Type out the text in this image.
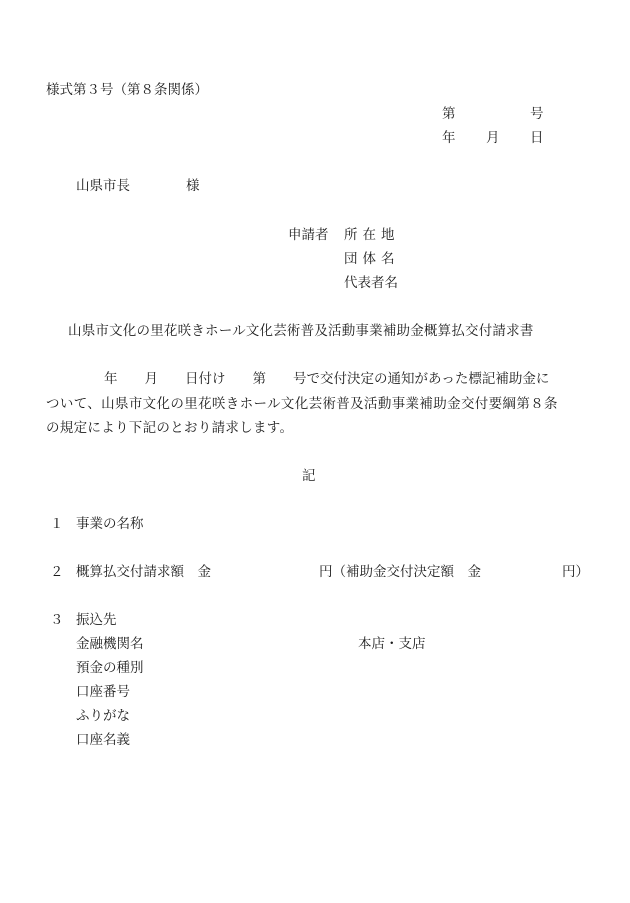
様式第３号（第８条関係）

第	号

年 月 日

山県市長	様

申請者 所在地

団体名

代表者名

山県市文化の里花咲きホール文化芸術普及活動事業補助金概算払交付請求書

年　　月　　日付け　　第　　号で交付決定の通知があった標記補助金に

ついて、山県市文化の里花咲きホール文化芸術普及活動事業補助金交付要綱第８条

の規定により下記のとおり請求します。

記

１ 事業の名称

２ 概算払交付請求額　金　　　　　　　　円（補助金交付決定額　金　　　　　　円）

３ 振込先

金融機関名	本店・支店

預金の種別

口座番号

ふりがな

口座名義
